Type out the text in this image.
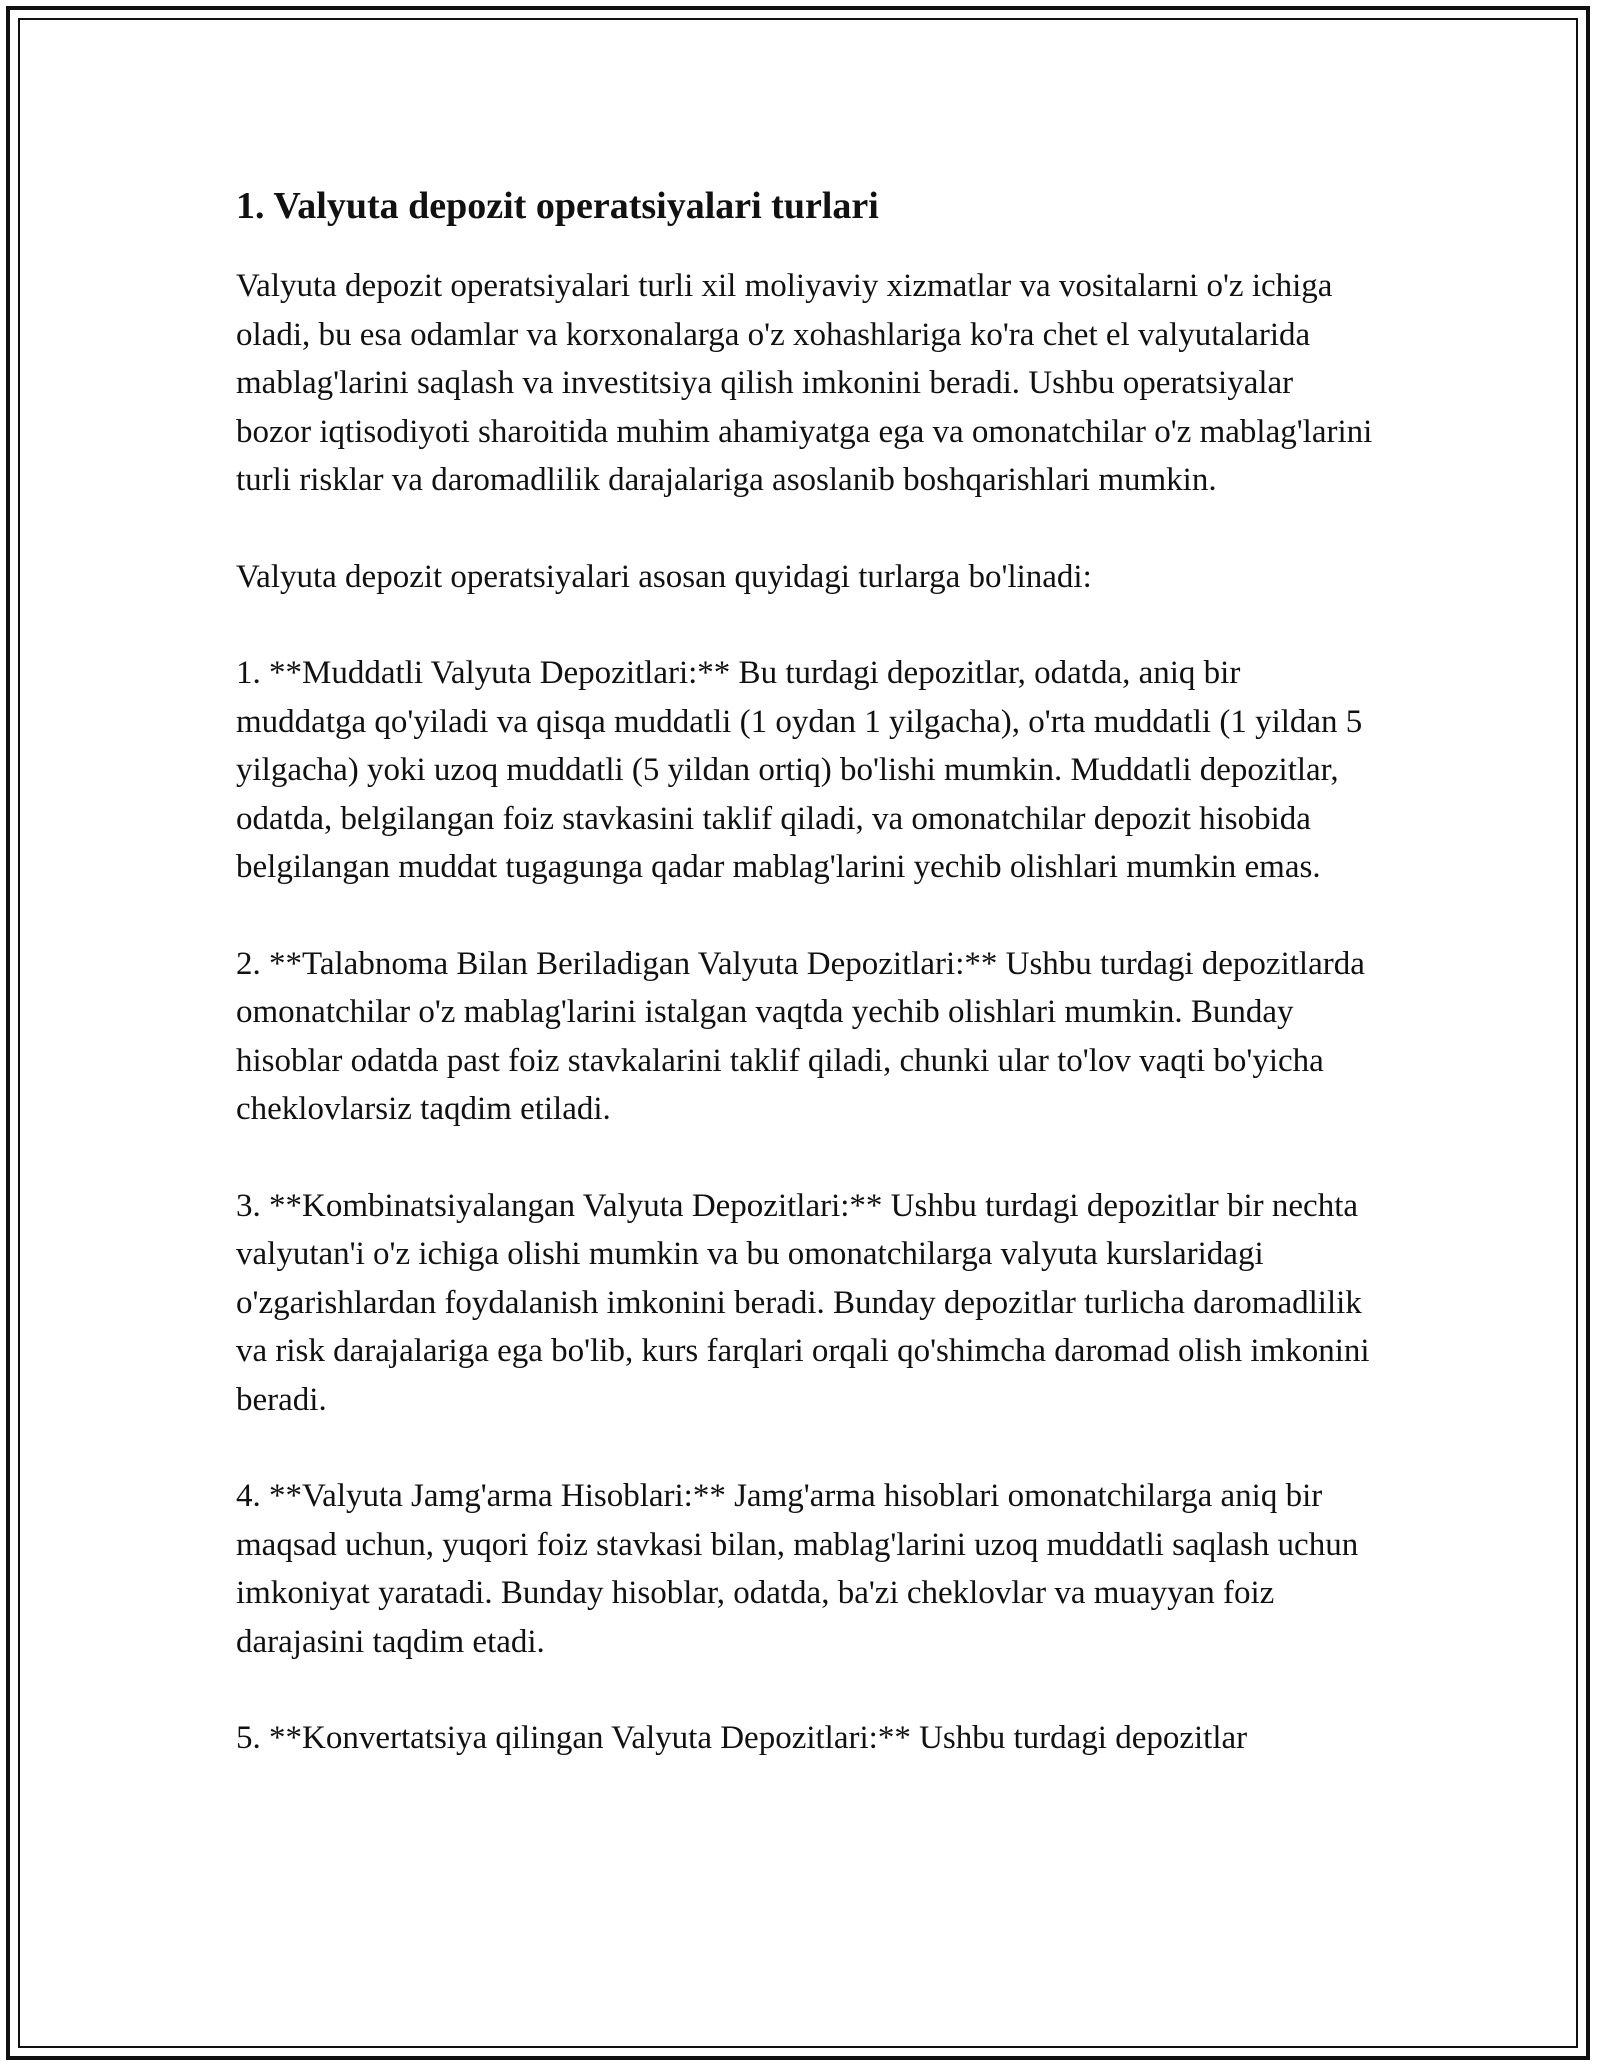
1. Valyuta depozit operatsiyalari turlari

Valyuta depozit operatsiyalari turli xil moliyaviy xizmatlar va vositalarni o'z ichiga oladi, bu esa odamlar va korxonalarga o'z xohashlariga ko'ra chet el valyutalarida mablag'larini saqlash va investitsiya qilish imkonini beradi. Ushbu operatsiyalar bozor iqtisodiyoti sharoitida muhim ahamiyatga ega va omonatchilar o'z mablag'larini turli risklar va daromadlilik darajalariga asoslanib boshqarishlari mumkin.

Valyuta depozit operatsiyalari asosan quyidagi turlarga bo'linadi:

1. **Muddatli Valyuta Depozitlari:** Bu turdagi depozitlar, odatda, aniq bir muddatga qo'yiladi va qisqa muddatli (1 oydan 1 yilgacha), o'rta muddatli (1 yildan 5 yilgacha) yoki uzoq muddatli (5 yildan ortiq) bo'lishi mumkin. Muddatli depozitlar, odatda, belgilangan foiz stavkasini taklif qiladi, va omonatchilar depozit hisobida belgilangan muddat tugagunga qadar mablag'larini yechib olishlari mumkin emas.

2. **Talabnoma Bilan Beriladigan Valyuta Depozitlari:** Ushbu turdagi depozitlarda omonatchilar o'z mablag'larini istalgan vaqtda yechib olishlari mumkin. Bunday hisoblar odatda past foiz stavkalarini taklif qiladi, chunki ular to'lov vaqti bo'yicha cheklovlarsiz taqdim etiladi.

3. **Kombinatsiyalangan Valyuta Depozitlari:** Ushbu turdagi depozitlar bir nechta valyutan'i o'z ichiga olishi mumkin va bu omonatchilarga valyuta kurslaridagi o'zgarishlardan foydalanish imkonini beradi. Bunday depozitlar turlicha daromadlilik va risk darajalariga ega bo'lib, kurs farqlari orqali qo'shimcha daromad olish imkonini beradi.

4. **Valyuta Jamg'arma Hisoblari:** Jamg'arma hisoblari omonatchilarga aniq bir maqsad uchun, yuqori foiz stavkasi bilan, mablag'larini uzoq muddatli saqlash uchun imkoniyat yaratadi. Bunday hisoblar, odatda, ba'zi cheklovlar va muayyan foiz darajasini taqdim etadi.

5. **Konvertatsiya qilingan Valyuta Depozitlari:** Ushbu turdagi depozitlar
